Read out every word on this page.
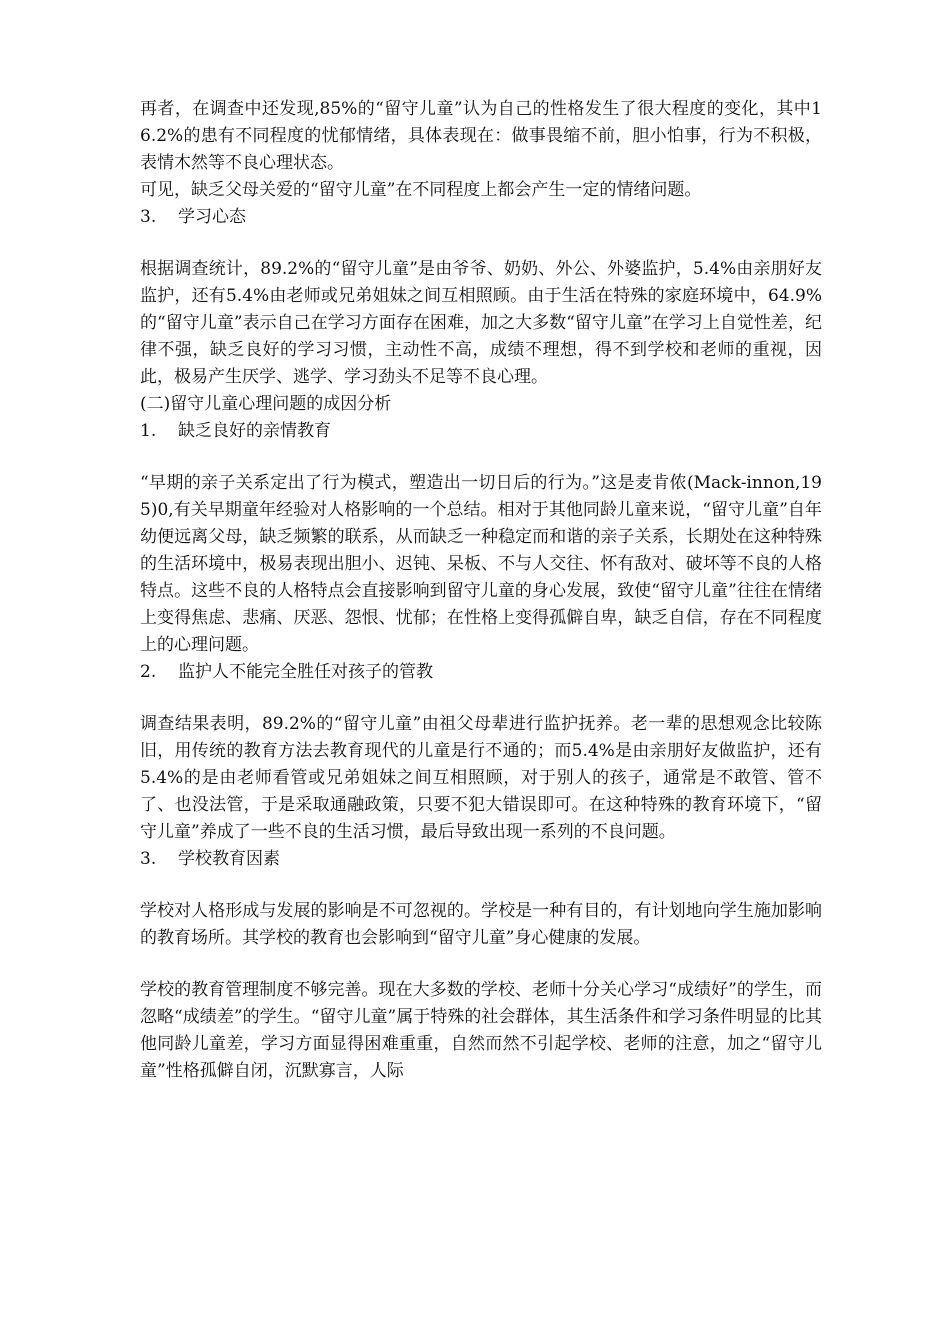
再者，在调查中还发现,85%的“留守儿童”认为自己的性格发生了很大程度的变化，其中16.2%的患有不同程度的忧郁情绪，具体表现在：做事畏缩不前，胆小怕事，行为不积极，表情木然等不良心理状态。

可见，缺乏父母关爱的“留守儿童”在不同程度上都会产生一定的情绪问题。

3.	学习心态

根据调查统计，89.2%的“留守儿童”是由爷爷、奶奶、外公、外婆监护，5.4%由亲朋好友监护，还有5.4%由老师或兄弟姐妹之间互相照顾。由于生活在特殊的家庭环境中，64.9%的“留守儿童”表示自己在学习方面存在困难，加之大多数“留守儿童”在学习上自觉性差，纪律不强，缺乏良好的学习习惯，主动性不高，成绩不理想，得不到学校和老师的重视，因此，极易产生厌学、逃学、学习劲头不足等不良心理。

(二)留守儿童心理问题的成因分析
1.	缺乏良好的亲情教育

“早期的亲子关系定出了行为模式，塑造出一切日后的行为。”这是麦肯侬(Mack-innon,195)0,有关早期童年经验对人格影响的一个总结。相对于其他同龄儿童来说，“留守儿童”自年幼便远离父母，缺乏频繁的联系，从而缺乏一种稳定而和谐的亲子关系，长期处在这种特殊的生活环境中，极易表现出胆小、迟钝、呆板、不与人交往、怀有敌对、破坏等不良的人格特点。这些不良的人格特点会直接影响到留守儿童的身心发展，致使“留守儿童”往往在情绪上变得焦虑、悲痛、厌恶、怨恨、忧郁；在性格上变得孤僻自卑，缺乏自信，存在不同程度上的心理问题。

2.	监护人不能完全胜任对孩子的管教

调查结果表明，89.2%的“留守儿童”由祖父母辈进行监护抚养。老一辈的思想观念比较陈旧，用传统的教育方法去教育现代的儿童是行不通的；而5.4%是由亲朋好友做监护，还有5.4%的是由老师看管或兄弟姐妹之间互相照顾，对于别人的孩子，通常是不敢管、管不了、也没法管，于是采取通融政策，只要不犯大错误即可。在这种特殊的教育环境下，“留守儿童”养成了一些不良的生活习惯，最后导致出现一系列的不良问题。

3.	学校教育因素

学校对人格形成与发展的影响是不可忽视的。学校是一种有目的，有计划地向学生施加影响的教育场所。其学校的教育也会影响到“留守儿童”身心健康的发展。

学校的教育管理制度不够完善。现在大多数的学校、老师十分关心学习“成绩好”的学生，而忽略“成绩差”的学生。“留守儿童”属于特殊的社会群体，其生活条件和学习条件明显的比其他同龄儿童差，学习方面显得困难重重，自然而然不引起学校、老师的注意，加之“留守儿童”性格孤僻自闭，沉默寡言，人际
